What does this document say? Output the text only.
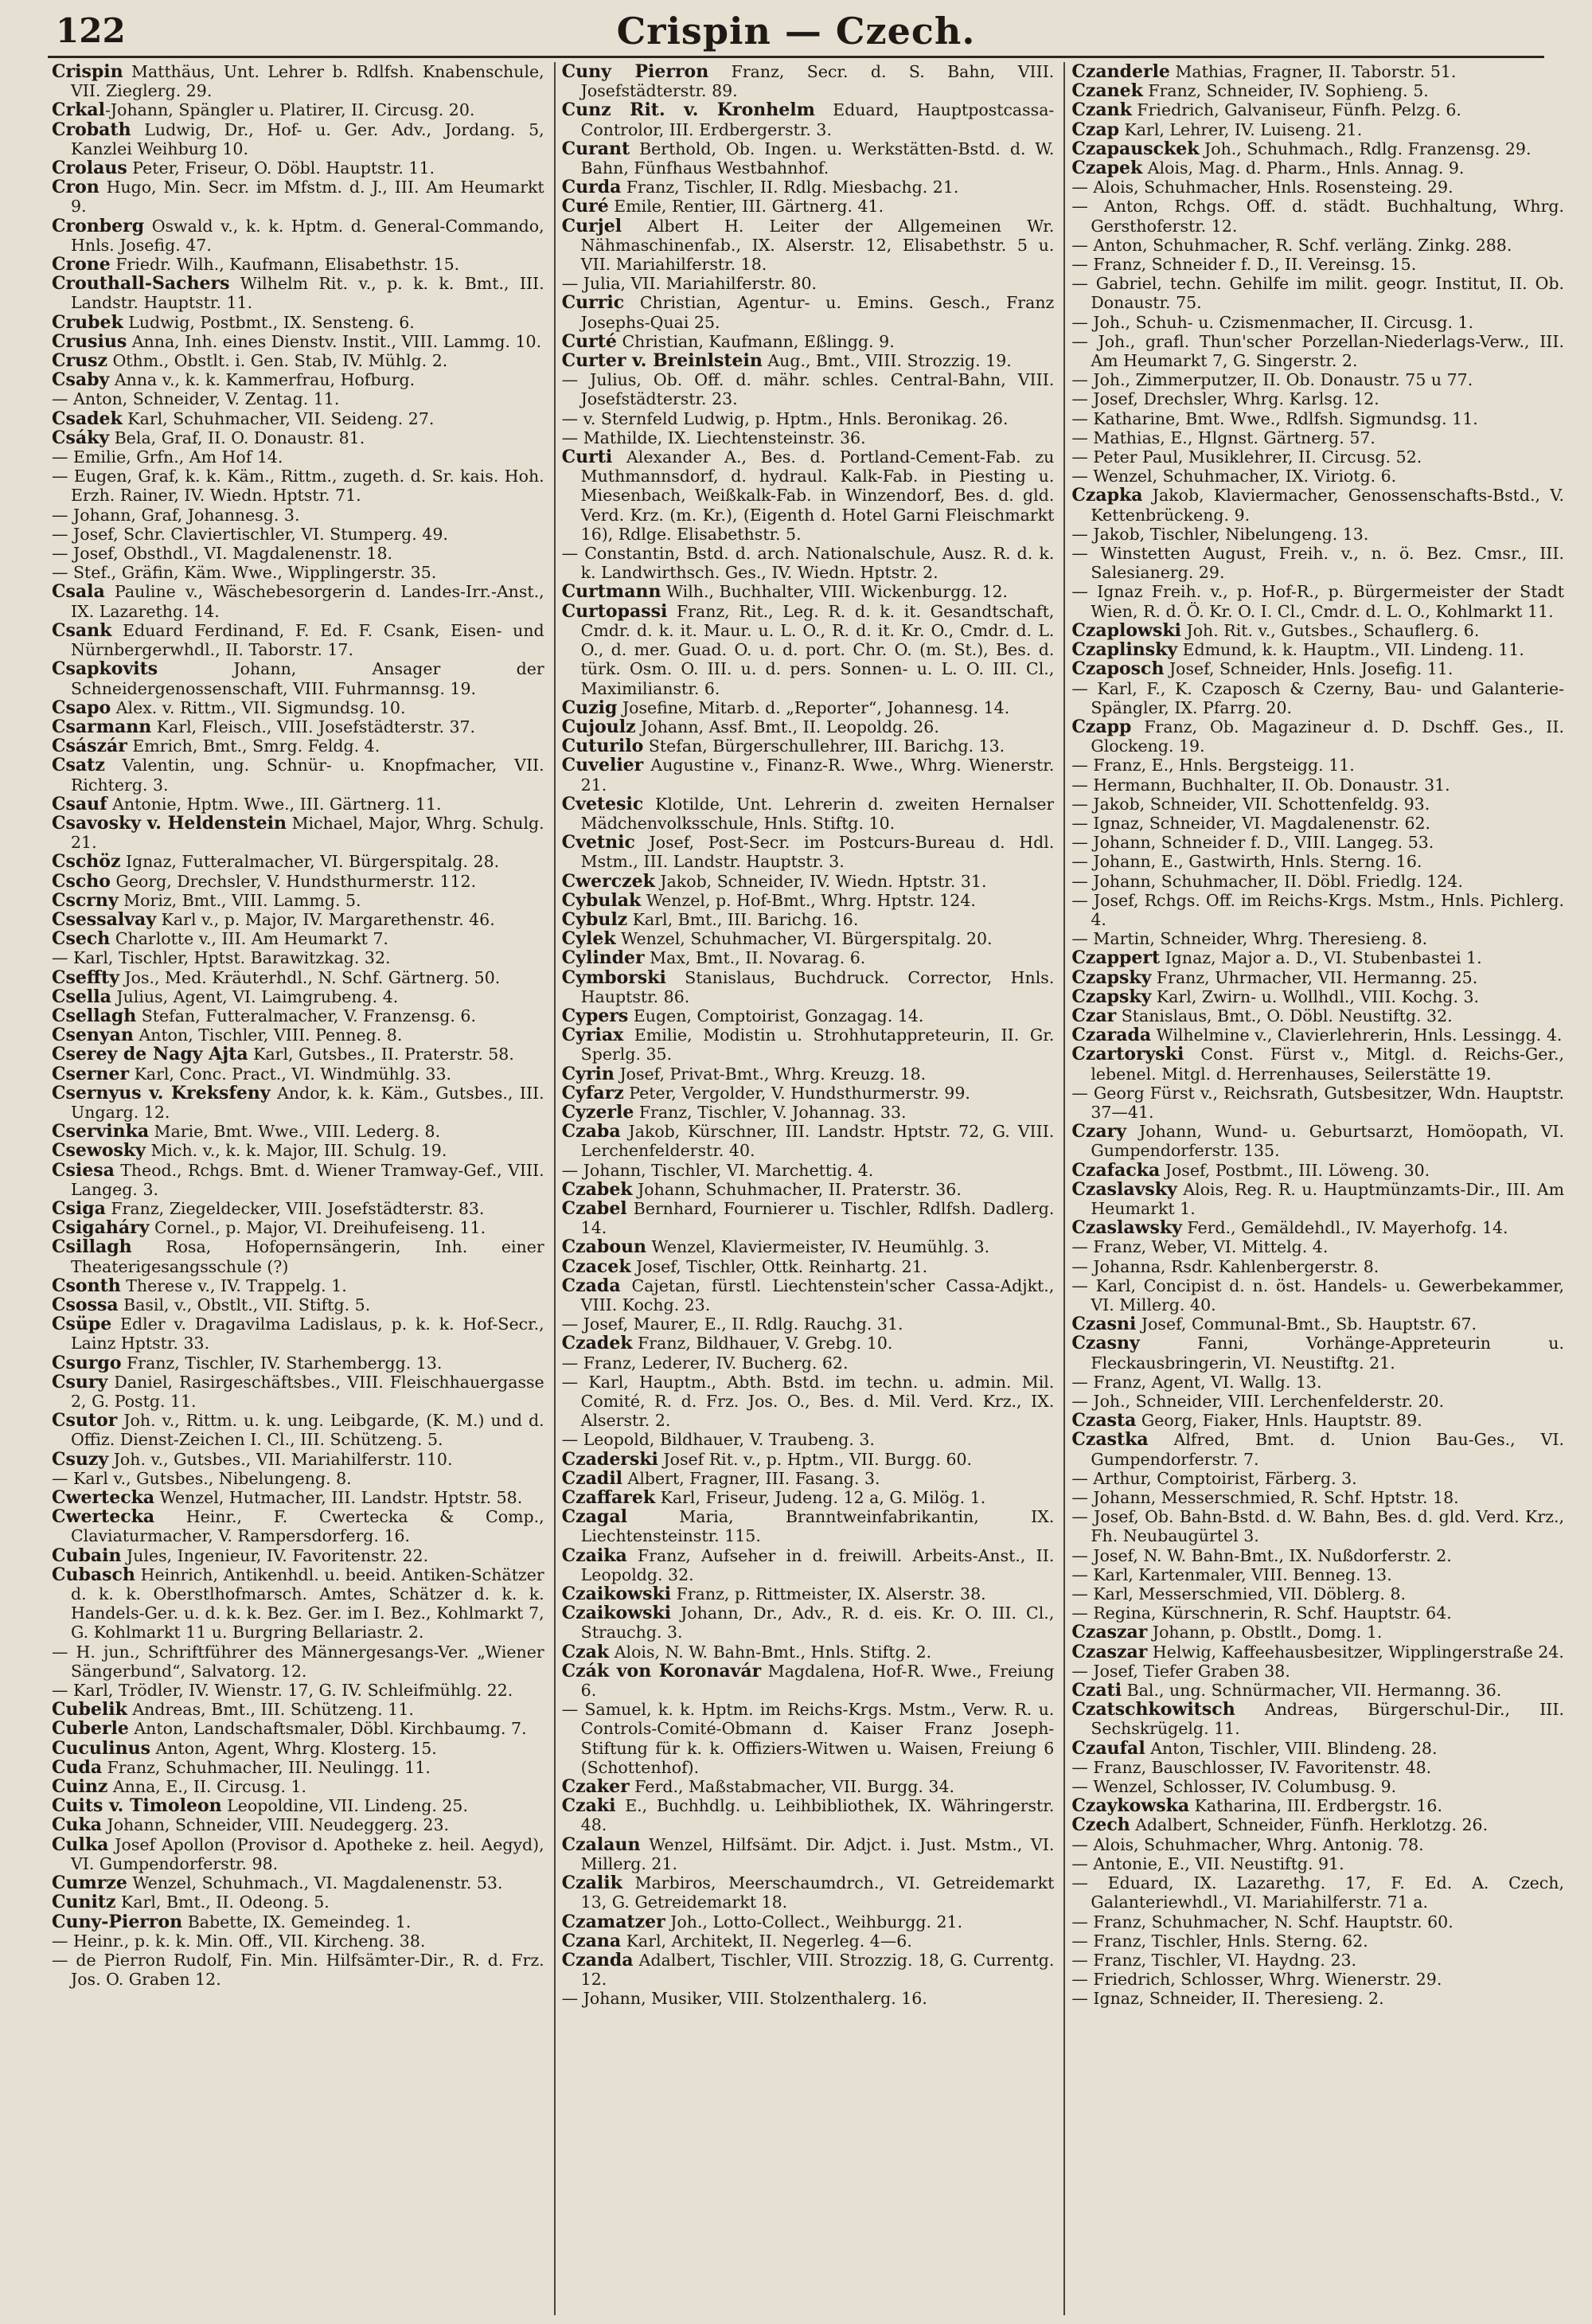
122	Crispin — Czech.

Crispin Matthäus, Unt. Lehrer b. Rdlfsh. Knabenschule, VII. Zieglerg. 29.

Crkal-Johann, Spängler u. Platirer, II. Circusg. 20.

Crobath Ludwig, Dr., Hof- u. Ger. Adv., Jordang. 5, Kanzlei Weihburg 10.

Crolaus Peter, Friseur, O. Döbl. Hauptstr. 11.

Cron Hugo, Min. Secr. im Mfstm. d. J., III. Am Heumarkt 9.

Cronberg Oswald v., k. k. Hptm. d. General-Commando, Hnls. Josefig. 47.

Crone Friedr. Wilh., Kaufmann, Elisabethstr. 15.

Crouthall-Sachers Wilhelm Rit. v., p. k. k. Bmt., III. Landstr. Hauptstr. 11.

Crubek Ludwig, Postbmt., IX. Sensteng. 6.

Crusius Anna, Inh. eines Dienstv. Instit., VIII. Lammg. 10.

Crusz Othm., Obstlt. i. Gen. Stab, IV. Mühlg. 2.

Csaby Anna v., k. k. Kammerfrau, Hofburg.

— Anton, Schneider, V. Zentag. 11.

Csadek Karl, Schuhmacher, VII. Seideng. 27.

Csáky Bela, Graf, II. O. Donaustr. 81.

— Emilie, Grfn., Am Hof 14.

— Eugen, Graf, k. k. Käm., Rittm., zugeth. d. Sr. kais. Hoh. Erzh. Rainer, IV. Wiedn. Hptstr. 71.

— Johann, Graf, Johannesg. 3.

— Josef, Schr. Claviertischler, VI. Stumperg. 49.

— Josef, Obsthdl., VI. Magdalenenstr. 18.

— Stef., Gräfin, Käm. Wwe., Wipplingerstr. 35.

Csala Pauline v., Wäschebesorgerin d. Landes-Irr.-Anst., IX. Lazarethg. 14.

Csank Eduard Ferdinand, F. Ed. F. Csank, Eisen- und Nürnbergerwhdl., II. Taborstr. 17.

Csapkovits Johann, Ansager der Schneidergenossenschaft, VIII. Fuhrmannsg. 19.

Csapo Alex. v. Rittm., VII. Sigmundsg. 10.

Csarmann Karl, Fleisch., VIII. Josefstädterstr. 37.

Császár Emrich, Bmt., Smrg. Feldg. 4.

Csatz Valentin, ung. Schnür- u. Knopfmacher, VII. Richterg. 3.

Csauf Antonie, Hptm. Wwe., III. Gärtnerg. 11.

Csavosky v. Heldenstein Michael, Major, Whrg. Schulg. 21.

Cschöz Ignaz, Futteralmacher, VI. Bürgerspitalg. 28.

Cscho Georg, Drechsler, V. Hundsthurmerstr. 112.

Cscrny Moriz, Bmt., VIII. Lammg. 5.

Csessalvay Karl v., p. Major, IV. Margarethenstr. 46.

Csech Charlotte v., III. Am Heumarkt 7.

— Karl, Tischler, Hptst. Barawitzkag. 32.

Cseffty Jos., Med. Kräuterhdl., N. Schf. Gärtnerg. 50.

Csella Julius, Agent, VI. Laimgrubeng. 4.

Csellagh Stefan, Futteralmacher, V. Franzensg. 6.

Csenyan Anton, Tischler, VIII. Penneg. 8.

Cserey de Nagy Ajta Karl, Gutsbes., II. Praterstr. 58.

Cserner Karl, Conc. Pract., VI. Windmühlg. 33.

Csernyus v. Kreksfeny Andor, k. k. Käm., Gutsbes., III. Ungarg. 12.

Cservinka Marie, Bmt. Wwe., VIII. Lederg. 8.

Csewosky Mich. v., k. k. Major, III. Schulg. 19.

Csiesa Theod., Rchgs. Bmt. d. Wiener Tramway-Gef., VIII. Langeg. 3.

Csiga Franz, Ziegeldecker, VIII. Josefstädterstr. 83.

Csigaháry Cornel., p. Major, VI. Dreihufeiseng. 11.

Csillagh Rosa, Hofopernsängerin, Inh. einer Theaterigesangsschule (?)

Csonth Therese v., IV. Trappelg. 1.

Csossa Basil, v., Obstlt., VII. Stiftg. 5.

Csüpe Edler v. Dragavilma Ladislaus, p. k. k. Hof-Secr., Lainz Hptstr. 33.

Csurgo Franz, Tischler, IV. Starhembergg. 13.

Csury Daniel, Rasirgeschäftsbes., VIII. Fleischhauergasse 2, G. Postg. 11.

Csutor Joh. v., Rittm. u. k. ung. Leibgarde, (K. M.) und d. Offiz. Dienst-Zeichen I. Cl., III. Schützeng. 5.

Csuzy Joh. v., Gutsbes., VII. Mariahilferstr. 110.

— Karl v., Gutsbes., Nibelungeng. 8.

Cwertecka Wenzel, Hutmacher, III. Landstr. Hptstr. 58.

Cwertecka Heinr., F. Cwertecka & Comp., Claviaturmacher, V. Rampersdorferg. 16.

Cubain Jules, Ingenieur, IV. Favoritenstr. 22.

Cubasch Heinrich, Antikenhdl. u. beeid. Antiken-Schätzer d. k. k. Oberstlhofmarsch. Amtes, Schätzer d. k. k. Handels-Ger. u. d. k. k. Bez. Ger. im I. Bez., Kohlmarkt 7, G. Kohlmarkt 11 u. Burgring Bellariastr. 2.

— H. jun., Schriftführer des Männergesangs-Ver. „Wiener Sängerbund“, Salvatorg. 12.

— Karl, Trödler, IV. Wienstr. 17, G. IV. Schleifmühlg. 22.

Cubelik Andreas, Bmt., III. Schützeng. 11.

Cuberle Anton, Landschaftsmaler, Döbl. Kirchbaumg. 7.

Cuculinus Anton, Agent, Whrg. Klosterg. 15.

Cuda Franz, Schuhmacher, III. Neulingg. 11.

Cuinz Anna, E., II. Circusg. 1.

Cuits v. Timoleon Leopoldine, VII. Lindeng. 25.

Cuka Johann, Schneider, VIII. Neudeggerg. 23.

Culka Josef Apollon (Provisor d. Apotheke z. heil. Aegyd), VI. Gumpendorferstr. 98.

Cumrze Wenzel, Schuhmach., VI. Magdalenenstr. 53.

Cunitz Karl, Bmt., II. Odeong. 5.

Cuny-Pierron Babette, IX. Gemeindeg. 1.

— Heinr., p. k. k. Min. Off., VII. Kircheng. 38.

— de Pierron Rudolf, Fin. Min. Hilfsämter-Dir., R. d. Frz. Jos. O. Graben 12.

Cuny Pierron Franz, Secr. d. S. Bahn, VIII. Josefstädterstr. 89.

Cunz Rit. v. Kronhelm Eduard, Hauptpostcassa-Controlor, III. Erdbergerstr. 3.

Curant Berthold, Ob. Ingen. u. Werkstätten-Bstd. d. W. Bahn, Fünfhaus Westbahnhof.

Curda Franz, Tischler, II. Rdlg. Miesbachg. 21.

Curé Emile, Rentier, III. Gärtnerg. 41.

Curjel Albert H. Leiter der Allgemeinen Wr. Nähmaschinenfab., IX. Alserstr. 12, Elisabethstr. 5 u. VII. Mariahilferstr. 18.

— Julia, VII. Mariahilferstr. 80.

Curric Christian, Agentur- u. Emins. Gesch., Franz Josephs-Quai 25.

Curté Christian, Kaufmann, Eßlingg. 9.

Curter v. Breinlstein Aug., Bmt., VIII. Strozzig. 19.

— Julius, Ob. Off. d. mähr. schles. Central-Bahn, VIII. Josefstädterstr. 23.

— v. Sternfeld Ludwig, p. Hptm., Hnls. Beronikag. 26.

— Mathilde, IX. Liechtensteinstr. 36.

Curti Alexander A., Bes. d. Portland-Cement-Fab. zu Muthmannsdorf, d. hydraul. Kalk-Fab. in Piesting u. Miesenbach, Weißkalk-Fab. in Winzendorf, Bes. d. gld. Verd. Krz. (m. Kr.), (Eigenth d. Hotel Garni Fleischmarkt 16), Rdlge. Elisabethstr. 5.

— Constantin, Bstd. d. arch. Nationalschule, Ausz. R. d. k. k. Landwirthsch. Ges., IV. Wiedn. Hptstr. 2.

Curtmann Wilh., Buchhalter, VIII. Wickenburgg. 12.

Curtopassi Franz, Rit., Leg. R. d. k. it. Gesandtschaft, Cmdr. d. k. it. Maur. u. L. O., R. d. it. Kr. O., Cmdr. d. L. O., d. mer. Guad. O. u. d. port. Chr. O. (m. St.), Bes. d. türk. Osm. O. III. u. d. pers. Sonnen- u. L. O. III. Cl., Maximilianstr. 6.

Cuzig Josefine, Mitarb. d. „Reporter“, Johannesg. 14.

Cujoulz Johann, Assf. Bmt., II. Leopoldg. 26.

Cuturilo Stefan, Bürgerschullehrer, III. Barichg. 13.

Cuvelier Augustine v., Finanz-R. Wwe., Whrg. Wienerstr. 21.

Cvetesic Klotilde, Unt. Lehrerin d. zweiten Hernalser Mädchenvolksschule, Hnls. Stiftg. 10.

Cvetnic Josef, Post-Secr. im Postcurs-Bureau d. Hdl. Mstm., III. Landstr. Hauptstr. 3.

Cwerczek Jakob, Schneider, IV. Wiedn. Hptstr. 31.

Cybulak Wenzel, p. Hof-Bmt., Whrg. Hptstr. 124.

Cybulz Karl, Bmt., III. Barichg. 16.

Cylek Wenzel, Schuhmacher, VI. Bürgerspitalg. 20.

Cylinder Max, Bmt., II. Novarag. 6.

Cymborski Stanislaus, Buchdruck. Corrector, Hnls. Hauptstr. 86.

Cypers Eugen, Comptoirist, Gonzagag. 14.

Cyriax Emilie, Modistin u. Strohhutappreteurin, II. Gr. Sperlg. 35.

Cyrin Josef, Privat-Bmt., Whrg. Kreuzg. 18.

Cyfarz Peter, Vergolder, V. Hundsthurmerstr. 99.

Cyzerle Franz, Tischler, V. Johannag. 33.

Czaba Jakob, Kürschner, III. Landstr. Hptstr. 72, G. VIII. Lerchenfelderstr. 40.

— Johann, Tischler, VI. Marchettig. 4.

Czabek Johann, Schuhmacher, II. Praterstr. 36.

Czabel Bernhard, Fournierer u. Tischler, Rdlfsh. Dadlerg. 14.

Czaboun Wenzel, Klaviermeister, IV. Heumühlg. 3.

Czacek Josef, Tischler, Ottk. Reinhartg. 21.

Czada Cajetan, fürstl. Liechtenstein'scher Cassa-Adjkt., VIII. Kochg. 23.

— Josef, Maurer, E., II. Rdlg. Rauchg. 31.

Czadek Franz, Bildhauer, V. Grebg. 10.

— Franz, Lederer, IV. Bucherg. 62.

— Karl, Hauptm., Abth. Bstd. im techn. u. admin. Mil. Comité, R. d. Frz. Jos. O., Bes. d. Mil. Verd. Krz., IX. Alserstr. 2.

— Leopold, Bildhauer, V. Traubeng. 3.

Czaderski Josef Rit. v., p. Hptm., VII. Burgg. 60.

Czadil Albert, Fragner, III. Fasang. 3.

Czaffarek Karl, Friseur, Judeng. 12 a, G. Milög. 1.

Czagal Maria, Branntweinfabrikantin, IX. Liechtensteinstr. 115.

Czaika Franz, Aufseher in d. freiwill. Arbeits-Anst., II. Leopoldg. 32.

Czaikowski Franz, p. Rittmeister, IX. Alserstr. 38.

Czaikowski Johann, Dr., Adv., R. d. eis. Kr. O. III. Cl., Strauchg. 3.

Czak Alois, N. W. Bahn-Bmt., Hnls. Stiftg. 2.

Czák von Koronavár Magdalena, Hof-R. Wwe., Freiung 6.

— Samuel, k. k. Hptm. im Reichs-Krgs. Mstm., Verw. R. u. Controls-Comité-Obmann d. Kaiser Franz Joseph-Stiftung für k. k. Offiziers-Witwen u. Waisen, Freiung 6 (Schottenhof).

Czaker Ferd., Maßstabmacher, VII. Burgg. 34.

Czaki E., Buchhdlg. u. Leihbibliothek, IX. Währingerstr. 48.

Czalaun Wenzel, Hilfsämt. Dir. Adjct. i. Just. Mstm., VI. Millerg. 21.

Czalik Marbiros, Meerschaumdrch., VI. Getreidemarkt 13, G. Getreidemarkt 18.

Czamatzer Joh., Lotto-Collect., Weihburgg. 21.

Czana Karl, Architekt, II. Negerleg. 4—6.

Czanda Adalbert, Tischler, VIII. Strozzig. 18, G. Currentg. 12.

— Johann, Musiker, VIII. Stolzenthalerg. 16.

Czanderle Mathias, Fragner, II. Taborstr. 51.

Czanek Franz, Schneider, IV. Sophieng. 5.

Czank Friedrich, Galvaniseur, Fünfh. Pelzg. 6.

Czap Karl, Lehrer, IV. Luiseng. 21.

Czapausckek Joh., Schuhmach., Rdlg. Franzensg. 29.

Czapek Alois, Mag. d. Pharm., Hnls. Annag. 9.

— Alois, Schuhmacher, Hnls. Rosensteing. 29.

— Anton, Rchgs. Off. d. städt. Buchhaltung, Whrg. Gersthoferstr. 12.

— Anton, Schuhmacher, R. Schf. verläng. Zinkg. 288.

— Franz, Schneider f. D., II. Vereinsg. 15.

— Gabriel, techn. Gehilfe im milit. geogr. Institut, II. Ob. Donaustr. 75.

— Joh., Schuh- u. Czismenmacher, II. Circusg. 1.

— Joh., grafl. Thun'scher Porzellan-Niederlags-Verw., III. Am Heumarkt 7, G. Singerstr. 2.

— Joh., Zimmerputzer, II. Ob. Donaustr. 75 u 77.

— Josef, Drechsler, Whrg. Karlsg. 12.

— Katharine, Bmt. Wwe., Rdlfsh. Sigmundsg. 11.

— Mathias, E., Hlgnst. Gärtnerg. 57.

— Peter Paul, Musiklehrer, II. Circusg. 52.

— Wenzel, Schuhmacher, IX. Viriotg. 6.

Czapka Jakob, Klaviermacher, Genossenschafts-Bstd., V. Kettenbrückeng. 9.

— Jakob, Tischler, Nibelungeng. 13.

— Winstetten August, Freih. v., n. ö. Bez. Cmsr., III. Salesianerg. 29.

— Ignaz Freih. v., p. Hof-R., p. Bürgermeister der Stadt Wien, R. d. Ö. Kr. O. I. Cl., Cmdr. d. L. O., Kohlmarkt 11.

Czaplowski Joh. Rit. v., Gutsbes., Schauflerg. 6.

Czaplinsky Edmund, k. k. Hauptm., VII. Lindeng. 11.

Czaposch Josef, Schneider, Hnls. Josefig. 11.

— Karl, F., K. Czaposch & Czerny, Bau- und Galanterie-Spängler, IX. Pfarrg. 20.

Czapp Franz, Ob. Magazineur d. D. Dschff. Ges., II. Glockeng. 19.

— Franz, E., Hnls. Bergsteigg. 11.

— Hermann, Buchhalter, II. Ob. Donaustr. 31.

— Jakob, Schneider, VII. Schottenfeldg. 93.

— Ignaz, Schneider, VI. Magdalenenstr. 62.

— Johann, Schneider f. D., VIII. Langeg. 53.

— Johann, E., Gastwirth, Hnls. Sterng. 16.

— Johann, Schuhmacher, II. Döbl. Friedlg. 124.

— Josef, Rchgs. Off. im Reichs-Krgs. Mstm., Hnls. Pichlerg. 4.

— Martin, Schneider, Whrg. Theresieng. 8.

Czappert Ignaz, Major a. D., VI. Stubenbastei 1.

Czapsky Franz, Uhrmacher, VII. Hermanng. 25.

Czapsky Karl, Zwirn- u. Wollhdl., VIII. Kochg. 3.

Czar Stanislaus, Bmt., O. Döbl. Neustiftg. 32.

Czarada Wilhelmine v., Clavierlehrerin, Hnls. Lessingg. 4.

Czartoryski Const. Fürst v., Mitgl. d. Reichs-Ger., lebenel. Mitgl. d. Herrenhauses, Seilerstätte 19.

— Georg Fürst v., Reichsrath, Gutsbesitzer, Wdn. Hauptstr. 37—41.

Czary Johann, Wund- u. Geburtsarzt, Homöopath, VI. Gumpendorferstr. 135.

Czafacka Josef, Postbmt., III. Löweng. 30.

Czaslavsky Alois, Reg. R. u. Hauptmünzamts-Dir., III. Am Heumarkt 1.

Czaslawsky Ferd., Gemäldehdl., IV. Mayerhofg. 14.

— Franz, Weber, VI. Mittelg. 4.

— Johanna, Rsdr. Kahlenbergerstr. 8.

— Karl, Concipist d. n. öst. Handels- u. Gewerbekammer, VI. Millerg. 40.

Czasni Josef, Communal-Bmt., Sb. Hauptstr. 67.

Czasny Fanni, Vorhänge-Appreteurin u. Fleckausbringerin, VI. Neustiftg. 21.

— Franz, Agent, VI. Wallg. 13.

— Joh., Schneider, VIII. Lerchenfelderstr. 20.

Czasta Georg, Fiaker, Hnls. Hauptstr. 89.

Czastka Alfred, Bmt. d. Union Bau-Ges., VI. Gumpendorferstr. 7.

— Arthur, Comptoirist, Färberg. 3.

— Johann, Messerschmied, R. Schf. Hptstr. 18.

— Josef, Ob. Bahn-Bstd. d. W. Bahn, Bes. d. gld. Verd. Krz., Fh. Neubaugürtel 3.

— Josef, N. W. Bahn-Bmt., IX. Nußdorferstr. 2.

— Karl, Kartenmaler, VIII. Benneg. 13.

— Karl, Messerschmied, VII. Döblerg. 8.

— Regina, Kürschnerin, R. Schf. Hauptstr. 64.

Czaszar Johann, p. Obstlt., Domg. 1.

Czaszar Helwig, Kaffeehausbesitzer, Wipplingerstraße 24.

— Josef, Tiefer Graben 38.

Czati Bal., ung. Schnürmacher, VII. Hermanng. 36.

Czatschkowitsch Andreas, Bürgerschul-Dir., III. Sechskrügelg. 11.

Czaufal Anton, Tischler, VIII. Blindeng. 28.

— Franz, Bauschlosser, IV. Favoritenstr. 48.

— Wenzel, Schlosser, IV. Columbusg. 9.

Czaykowska Katharina, III. Erdbergstr. 16.

Czech Adalbert, Schneider, Fünfh. Herklotzg. 26.

— Alois, Schuhmacher, Whrg. Antonig. 78.

— Antonie, E., VII. Neustiftg. 91.

— Eduard, IX. Lazarethg. 17, F. Ed. A. Czech, Galanteriewhdl., VI. Mariahilferstr. 71 a.

— Franz, Schuhmacher, N. Schf. Hauptstr. 60.

— Franz, Tischler, Hnls. Sterng. 62.

— Franz, Tischler, VI. Haydng. 23.

— Friedrich, Schlosser, Whrg. Wienerstr. 29.

— Ignaz, Schneider, II. Theresieng. 2.
